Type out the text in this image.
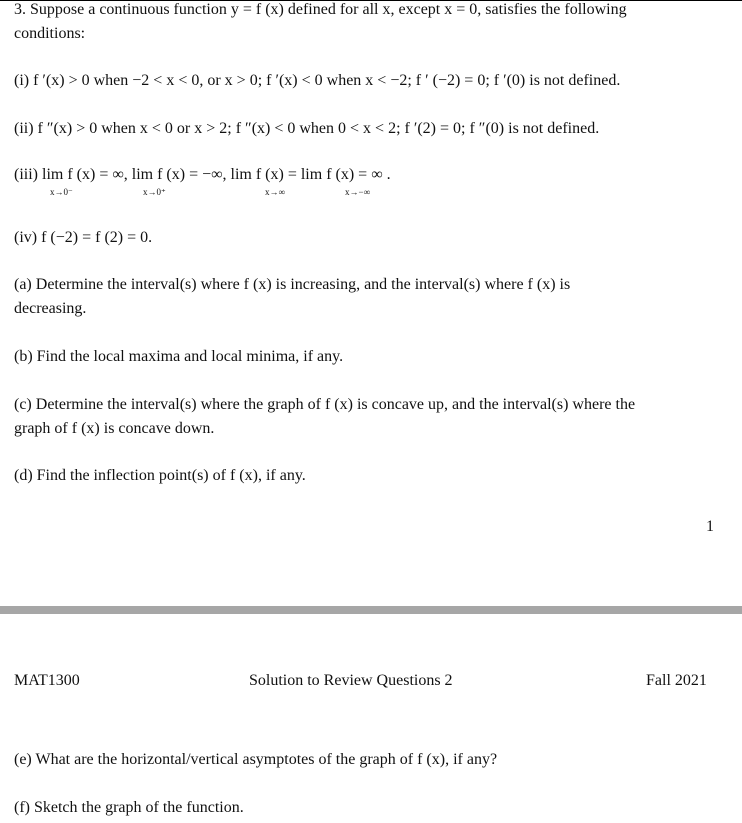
3. Suppose a continuous function y = f (x) defined for all x, except x = 0, satisfies the following
conditions:
(i) f ′(x) > 0 when −2 < x < 0, or x > 0; f ′(x) < 0 when x < −2; f ′ (−2) = 0; f ′(0) is not defined.
(ii) f ″(x) > 0 when x < 0 or x > 2; f ″(x) < 0 when 0 < x < 2; f ′(2) = 0; f ″(0) is not defined.
(iii) lim f (x) = ∞, lim f (x) = −∞, lim f (x) = lim f (x) = ∞ .
x→0⁻	x→0⁺	x→∞	x→−∞
(iv) f (−2) = f (2) = 0.
(a) Determine the interval(s) where f (x) is increasing, and the interval(s) where f (x) is
decreasing.
(b) Find the local maxima and local minima, if any.
(c) Determine the interval(s) where the graph of f (x) is concave up, and the interval(s) where the
graph of f (x) is concave down.
(d) Find the inflection point(s) of f (x), if any.
1
MAT1300	Solution to Review Questions 2	Fall 2021
(e) What are the horizontal/vertical asymptotes of the graph of f (x), if any?
(f) Sketch the graph of the function.
